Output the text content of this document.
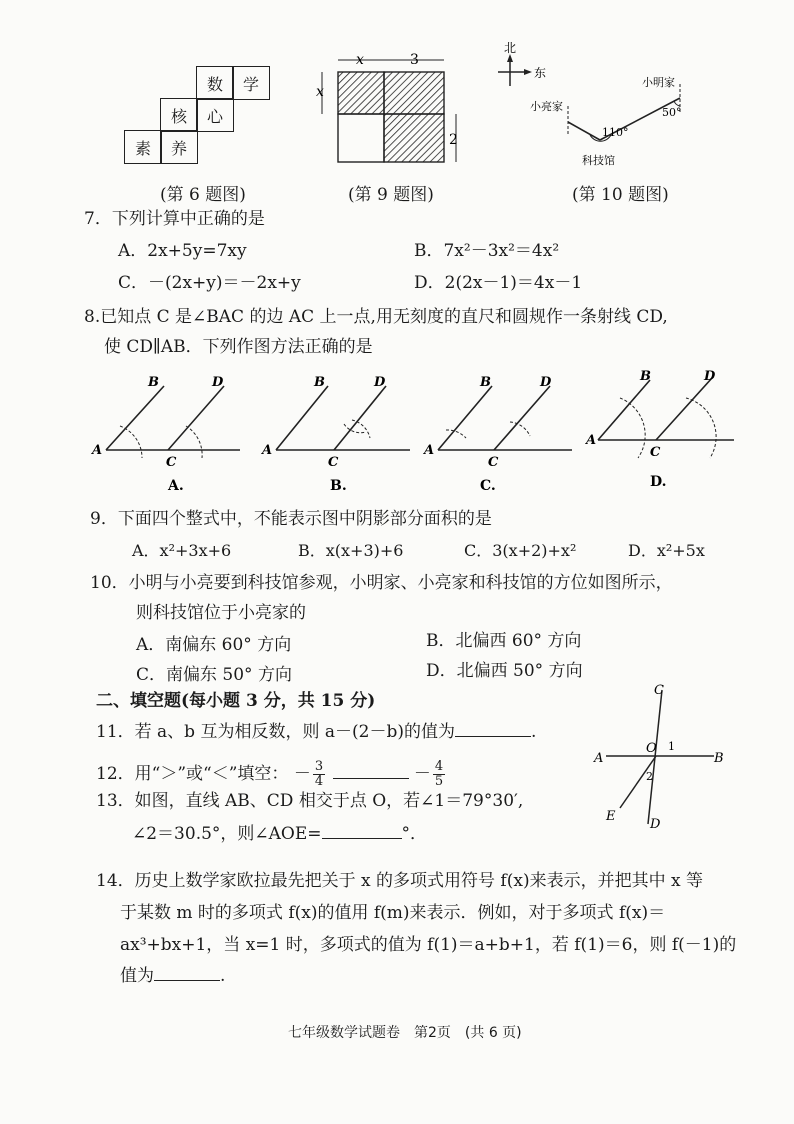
数	学
核	心
素	养
(第 6 题图)
x	3
x
2
(第 9 题图)
北
东
小亮家
小明家
科技馆
110°
50°
(第 10 题图)
7．下列计算中正确的是
A．2x+5y=7xy	B．7x²－3x²＝4x²
C．－(2x+y)＝－2x+y	D．2(2x－1)＝4x－1
8.已知点 C 是∠BAC 的边 AC 上一点,用无刻度的直尺和圆规作一条射线 CD,
使 CD∥AB．下列作图方法正确的是
A
B
C
D
A.
A
B
C
D
B.
A
B
C
D
C.
A
B
C
D
D.
9．下面四个整式中，不能表示图中阴影部分面积的是
A．x²+3x+6	B．x(x+3)+6	C．3(x+2)+x²	D．x²+5x
10．小明与小亮要到科技馆参观，小明家、小亮家和科技馆的方位如图所示，
则科技馆位于小亮家的
A．南偏东 60° 方向	B．北偏西 60° 方向
C．南偏东 50° 方向	D．北偏西 50° 方向
二、填空题(每小题 3 分，共 15 分)
11．若 a、b 互为相反数，则 a－(2－b)的值为	.
12．用“＞”或“＜”填空： － $\frac{3}{4}$	－ $\frac{4}{5}$
13．如图，直线 AB、CD 相交于点 O，若∠1＝79°30′,
∠2＝30.5°，则∠AOE=	°．
C
A	B
O 1
2
E
D
14．历史上数学家欧拉最先把关于 x 的多项式用符号 f(x)来表示，并把其中 x 等
于某数 m 时的多项式 f(x)的值用 f(m)来表示．例如，对于多项式 f(x)＝
ax³+bx+1，当 x=1 时，多项式的值为 f(1)＝a+b+1，若 f(1)＝6，则 f(－1)的
值为	.
七年级数学试题卷　第2页　(共 6 页)
